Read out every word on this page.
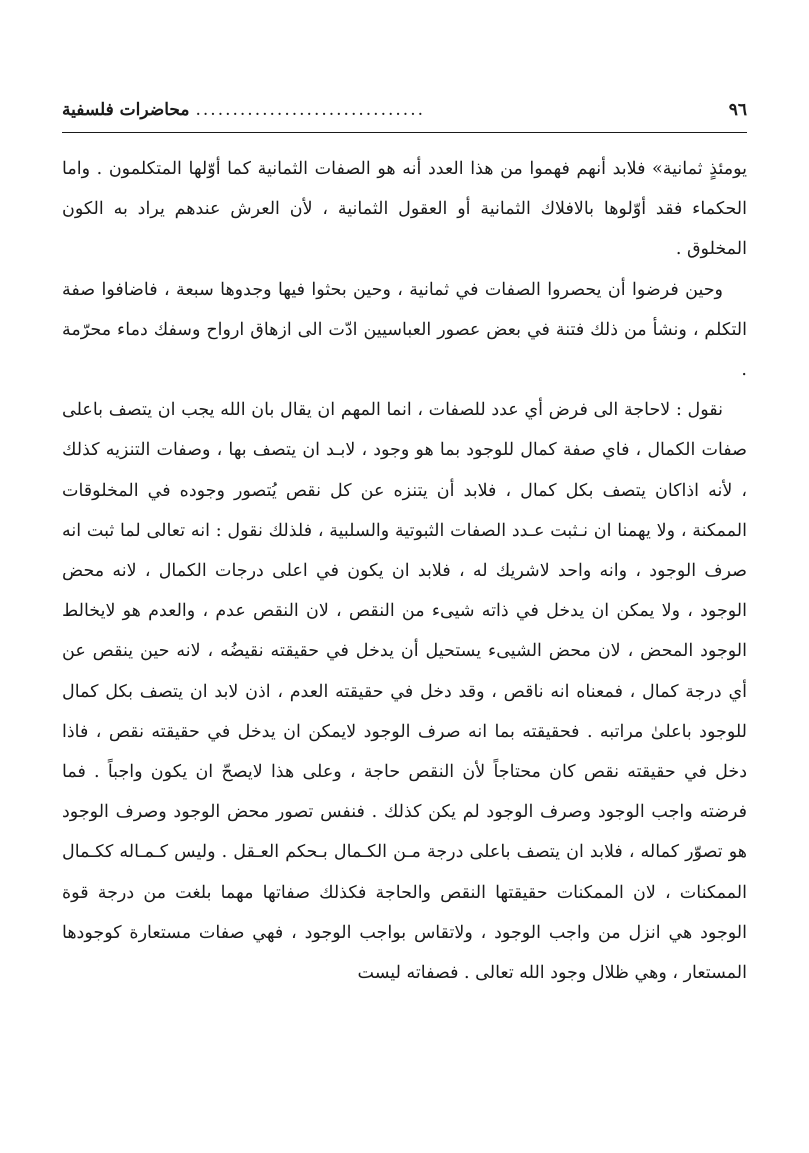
٩٦
...............................
محاضرات فلسفية

يومئذٍ ثمانية» فلابد أنهم فهموا من هذا العدد أنه هو الصفات الثمانية كما أوّلها المتكلمون . واما الحكماء فقد أوّلوها بالافلاك الثمانية أو العقول الثمانية ، لأن العرش عندهم يراد به الكون المخلوق .

وحين فرضوا أن يحصروا الصفات في ثمانية ، وحين بحثوا فيها وجدوها سبعة ، فاضافوا صفة التكلم ، ونشأ من ذلك فتنة في بعض عصور العباسيين ادّت الى ازهاق ارواح وسفك دماء محرّمة .

نقول : لاحاجة الى فرض أي عدد للصفات ، انما المهم ان يقال بان الله يجب ان يتصف باعلى صفات الكمال ، فاي صفة كمال للوجود بما هو وجود ، لابـد ان يتصف بها ، وصفات التنزيه كذلك ، لأنه اذاكان يتصف بكل كمال ، فلابد أن يتنزه عن كل نقص يُتصور وجوده في المخلوقات الممكنة ، ولا يهمنا ان نـثبت عـدد الصفات الثبوتية والسلبية ، فلذلك نقول : انه تعالى لما ثبت انه صرف الوجود ، وانه واحد لاشريك له ، فلابد ان يكون في اعلى درجات الكمال ، لانه محض الوجود ، ولا يمكن ان يدخل في ذاته شيىء من النقص ، لان النقص عدم ، والعدم هو لايخالط الوجود المحض ، لان محض الشيىء يستحيل أن يدخل في حقيقته نقيضُه ، لانه حين ينقص عن أي درجة كمال ، فمعناه انه ناقص ، وقد دخل في حقيقته العدم ، اذن لابد ان يتصف بكل كمال للوجود باعلىٰ مراتبه . فحقيقته بما انه صرف الوجود لايمكن ان يدخل في حقيقته نقص ، فاذا دخل في حقيقته نقص كان محتاجاً لأن النقص حاجة ، وعلى هذا لايصحّ ان يكون واجباً . فما فرضته واجب الوجود وصرف الوجود لم يكن كذلك . فنفس تصور محض الوجود وصرف الوجود هو تصوّر كماله ، فلابد ان يتصف باعلى درجة مـن الكـمال بـحكم العـقل . وليس كـمـاله ككـمال الممكنات ، لان الممكنات حقيقتها النقص والحاجة فكذلك صفاتها مهما بلغت من درجة قوة الوجود هي انزل من واجب الوجود ، ولاتقاس بواجب الوجود ، فهي صفات مستعارة كوجودها المستعار ، وهي ظلال وجود الله تعالى . فصفاته ليست
